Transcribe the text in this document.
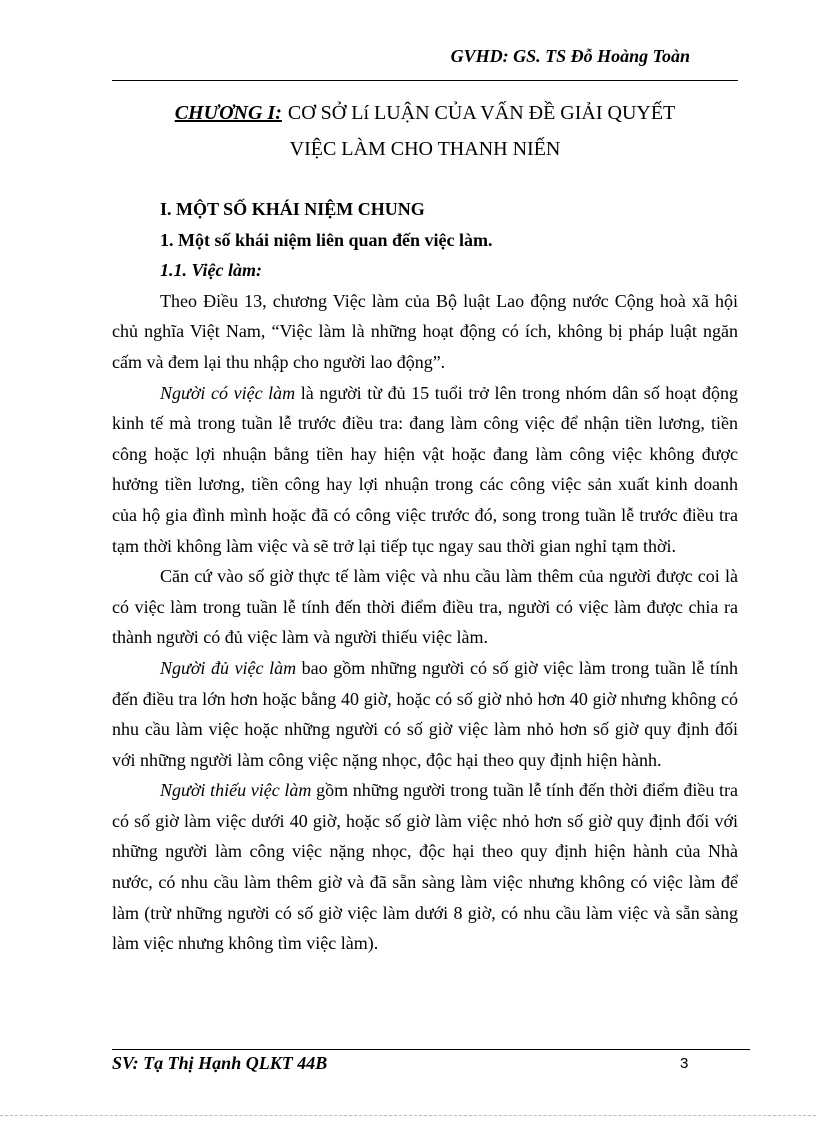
GVHD: GS. TS Đỗ Hoàng Toàn
CHƯƠNG I: CƠ SỞ Lí LUẬN CỦA VẤN ĐỀ GIẢI QUYẾT
VIỆC LÀM CHO THANH NIẾN
I. MỘT SỐ KHÁI NIỆM CHUNG
1. Một số khái niệm liên quan đến việc làm.
1.1. Việc làm:

Theo Điều 13, chương Việc làm của Bộ luật Lao động nước Cộng hoà xã hội chủ nghĩa Việt Nam, “Việc làm là những hoạt động có ích, không bị pháp luật ngăn cấm và đem lại thu nhập cho người lao động”.

Người có việc làm là người từ đủ 15 tuổi trở lên trong nhóm dân số hoạt động kinh tế mà trong tuần lễ trước điều tra: đang làm công việc để nhận tiền lương, tiền công hoặc lợi nhuận bằng tiền hay hiện vật hoặc đang làm công việc không được hưởng tiền lương, tiền công hay lợi nhuận trong các công việc sản xuất kinh doanh của hộ gia đình mình hoặc đã có công việc trước đó, song trong tuần lễ trước điều tra tạm thời không làm việc và sẽ trở lại tiếp tục ngay sau thời gian nghỉ tạm thời.

Căn cứ vào số giờ thực tế làm việc và nhu cầu làm thêm của người được coi là có việc làm trong tuần lễ tính đến thời điểm điều tra, người có việc làm được chia ra thành người có đủ việc làm và người thiếu việc làm.

Người đủ việc làm bao gồm những người có số giờ việc làm trong tuần lễ tính đến điều tra lớn hơn hoặc bằng 40 giờ, hoặc có số giờ nhỏ hơn 40 giờ nhưng không có nhu cầu làm việc hoặc những người có số giờ việc làm nhỏ hơn số giờ quy định đối với những người làm công việc nặng nhọc, độc hại theo quy định hiện hành.

Người thiếu việc làm gồm những người trong tuần lễ tính đến thời điểm điều tra có số giờ làm việc dưới 40 giờ, hoặc số giờ làm việc nhỏ hơn số giờ quy định đối với những người làm công việc nặng nhọc, độc hại theo quy định hiện hành của Nhà nước, có nhu cầu làm thêm giờ và đã sẵn sàng làm việc nhưng không có việc làm để làm (trừ những người có số giờ việc làm dưới 8 giờ, có nhu cầu làm việc và sẵn sàng làm việc nhưng không tìm việc làm).

SV: Tạ Thị Hạnh QLKT 44B	3
